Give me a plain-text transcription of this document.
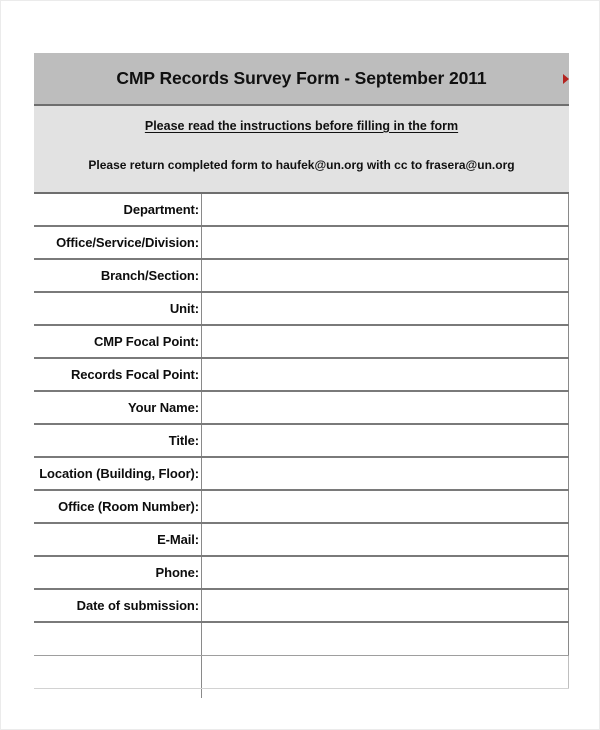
CMP Records Survey Form - September 2011
Please read the instructions before filling in the form
Please return completed form to haufek@un.org with cc to frasera@un.org
Department:
Office/Service/Division:
Branch/Section:
Unit:
CMP Focal Point:
Records Focal Point:
Your Name:
Title:
Location (Building, Floor):
Office (Room Number):
E-Mail:
Phone:
Date of submission:
